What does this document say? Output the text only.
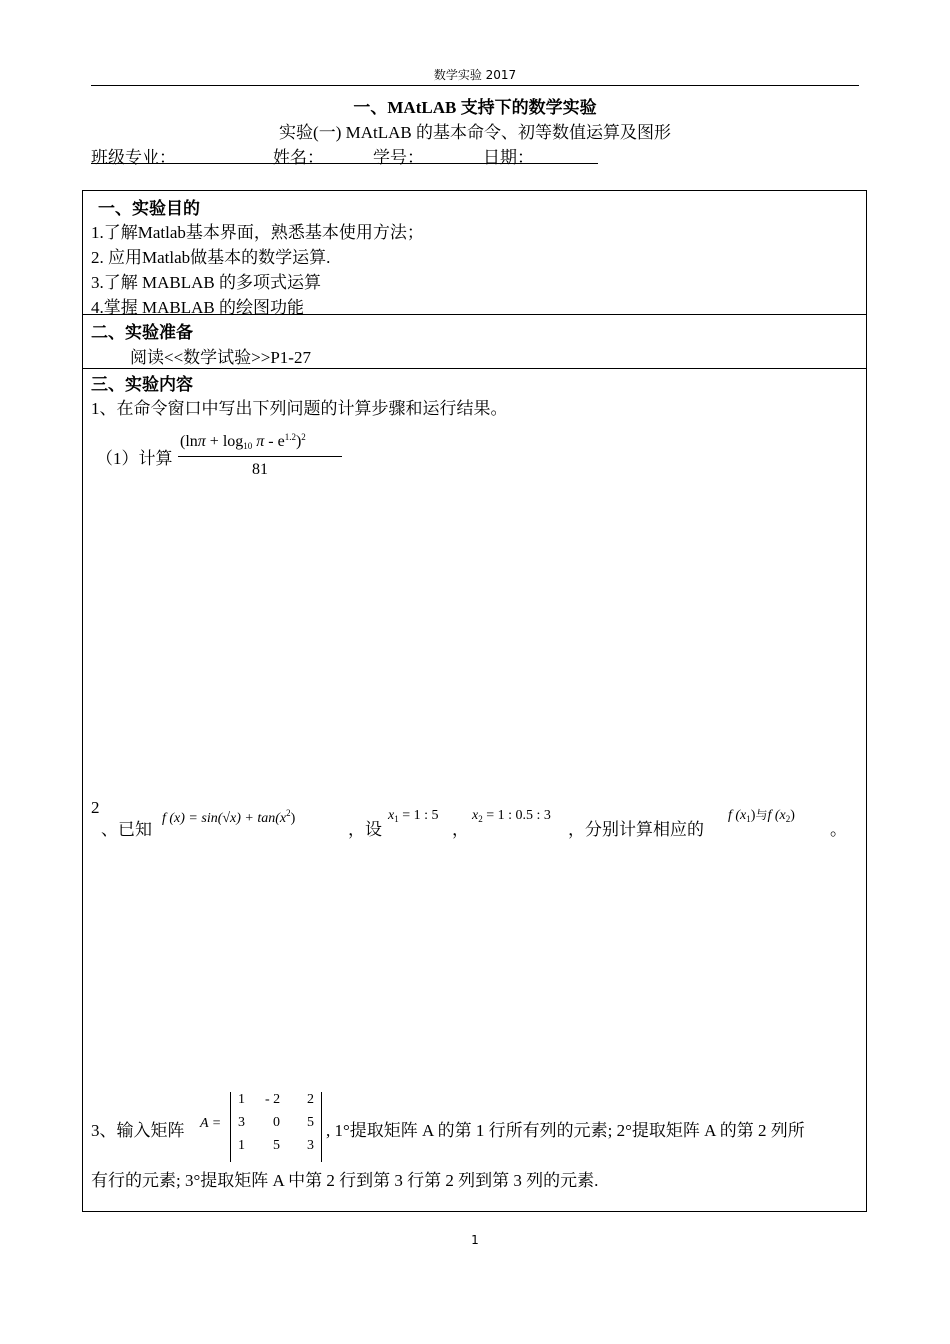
数学实验 2017
一、MAtLAB 支持下的数学实验
实验(一) MAtLAB 的基本命令、初等数值运算及图形
班级专业：	姓名：	学号：	日期：
一、实验目的
1.了解Matlab基本界面，熟悉基本使用方法；
2. 应用Matlab做基本的数学运算.
3.了解 MABLAB 的多项式运算
4.掌握 MABLAB 的绘图功能
二、实验准备
阅读<<数学试验>>P1-27
三、实验内容
1、在命令窗口中写出下列问题的计算步骤和运行结果。
（1）计算
$(\ln\pi + \log_{10} \pi - e^{1.2})^2$
81
2
、已知
f $(x) = \sin(√x) + \tan(x^2)$
，设
$x_1 = 1$ : 5
，
$x_2 = 1$ : 0.5 : 3
，分别计算相应的
f $(x_1)$与f $(x_2)$
。
3、输入矩阵 A =
1 - 2 2
3 0 5
1 5 3
, 1°提取矩阵 A 的第 1 行所有列的元素; 2°提取矩阵 A 的第 2 列所
有行的元素; 3°提取矩阵 A 中第 2 行到第 3 行第 2 列到第 3 列的元素.
1
